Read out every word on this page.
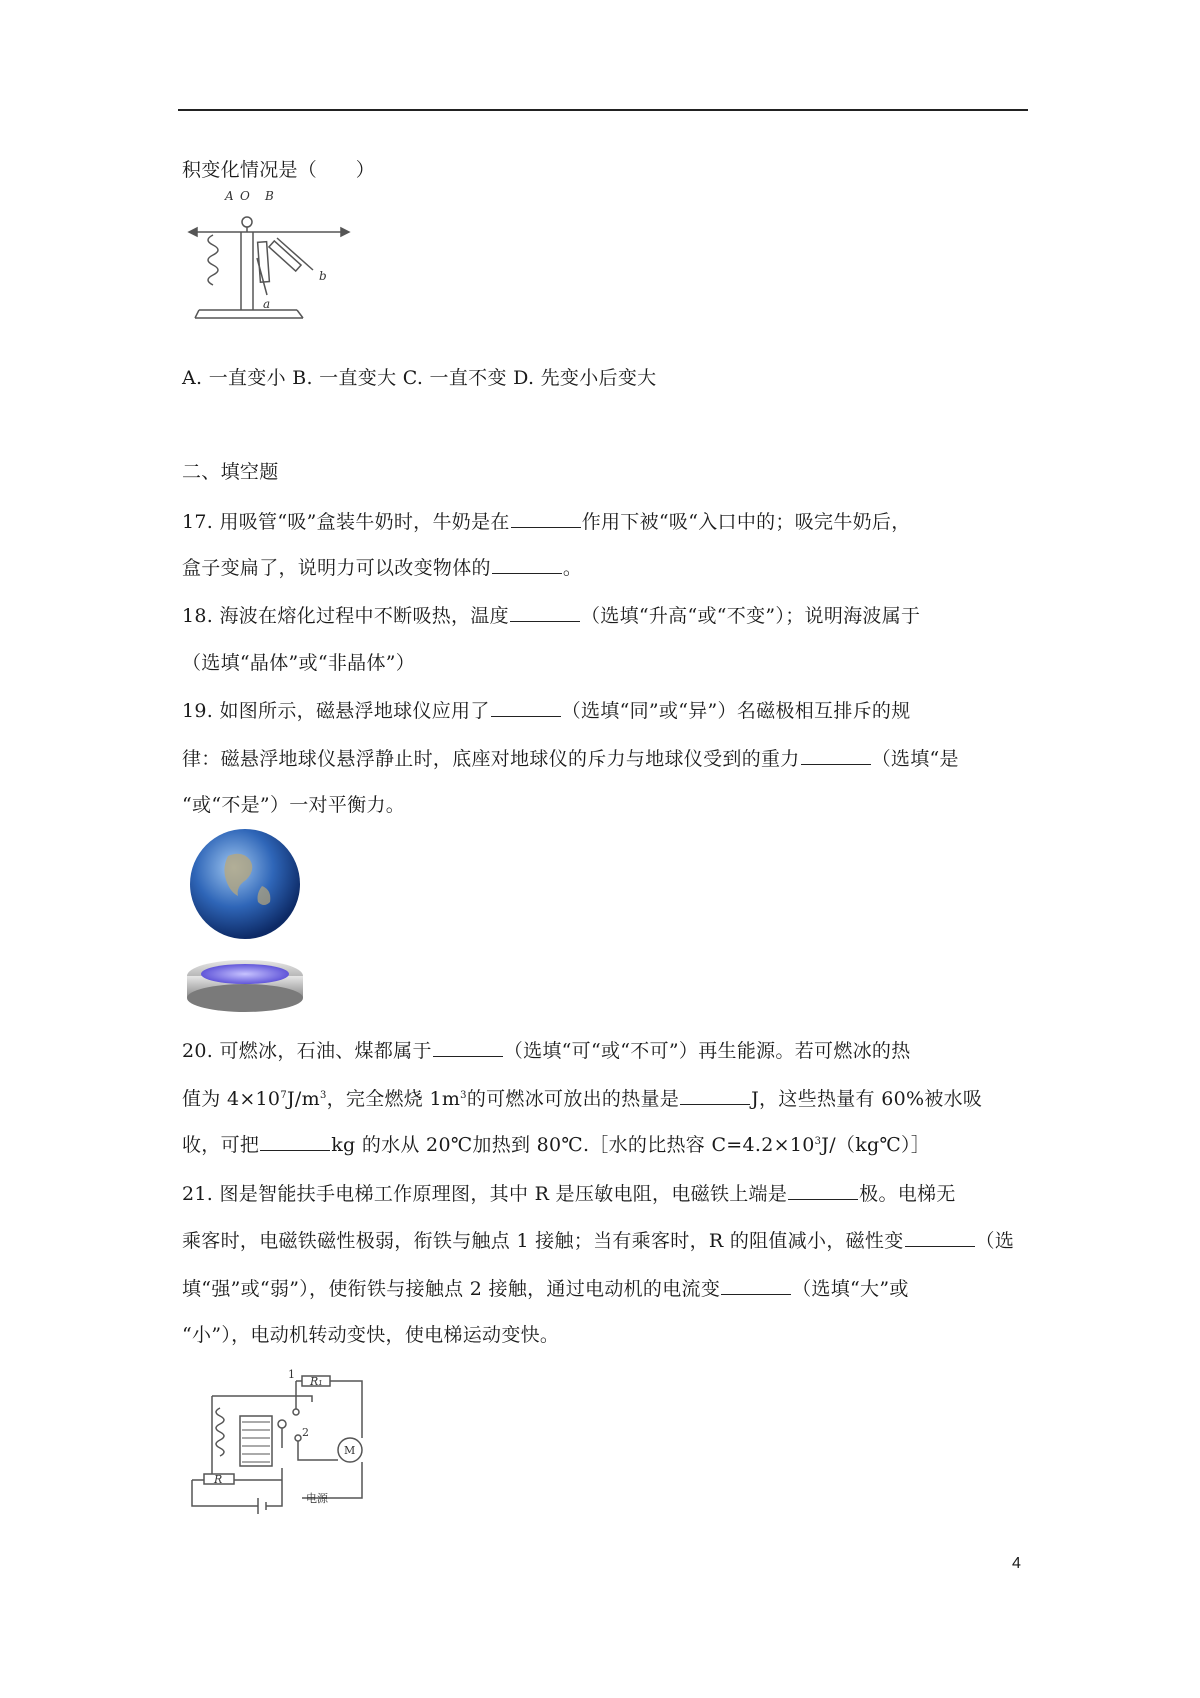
积变化情况是（　　）
A O B
a
b
A. 一直变小 B. 一直变大 C. 一直不变 D. 先变小后变大
二、填空题
17. 用吸管“吸”盒装牛奶时，牛奶是在	作用下被“吸“入口中的；吸完牛奶后，
盒子变扁了，说明力可以改变物体的	。
18. 海波在熔化过程中不断吸热，温度	（选填“升高“或“不变”）；说明海波属于
（选填“晶体”或“非晶体”）
19. 如图所示，磁悬浮地球仪应用了	（选填“同”或“异”）名磁极相互排斥的规
律：磁悬浮地球仪悬浮静止时，底座对地球仪的斥力与地球仪受到的重力	（选填“是
“或“不是”）一对平衡力。
20. 可燃冰，石油、煤都属于	（选填“可“或“不可”）再生能源。若可燃冰的热
值为 $4\times 10^7J/m^3$，完全燃烧 $1m^3$的可燃冰可放出的热量是	J，这些热量有 60%被水吸
收，可把	kg 的水从 20℃加热到 80℃.［水的比热容 $C=4.2\times 10^3J/(kg℃)]$
21. 图是智能扶手电梯工作原理图，其中 R 是压敏电阻，电磁铁上端是	极。电梯无
乘客时，电磁铁磁性极弱，衔铁与触点 1 接触；当有乘客时，R 的阻值减小，磁性变	（选
填“强”或“弱”），使衔铁与接触点 2 接触，通过电动机的电流变	（选填“大”或
“小”），电动机转动变快，使电梯运动变快。
1
2
R₁
M
R
电源
4
